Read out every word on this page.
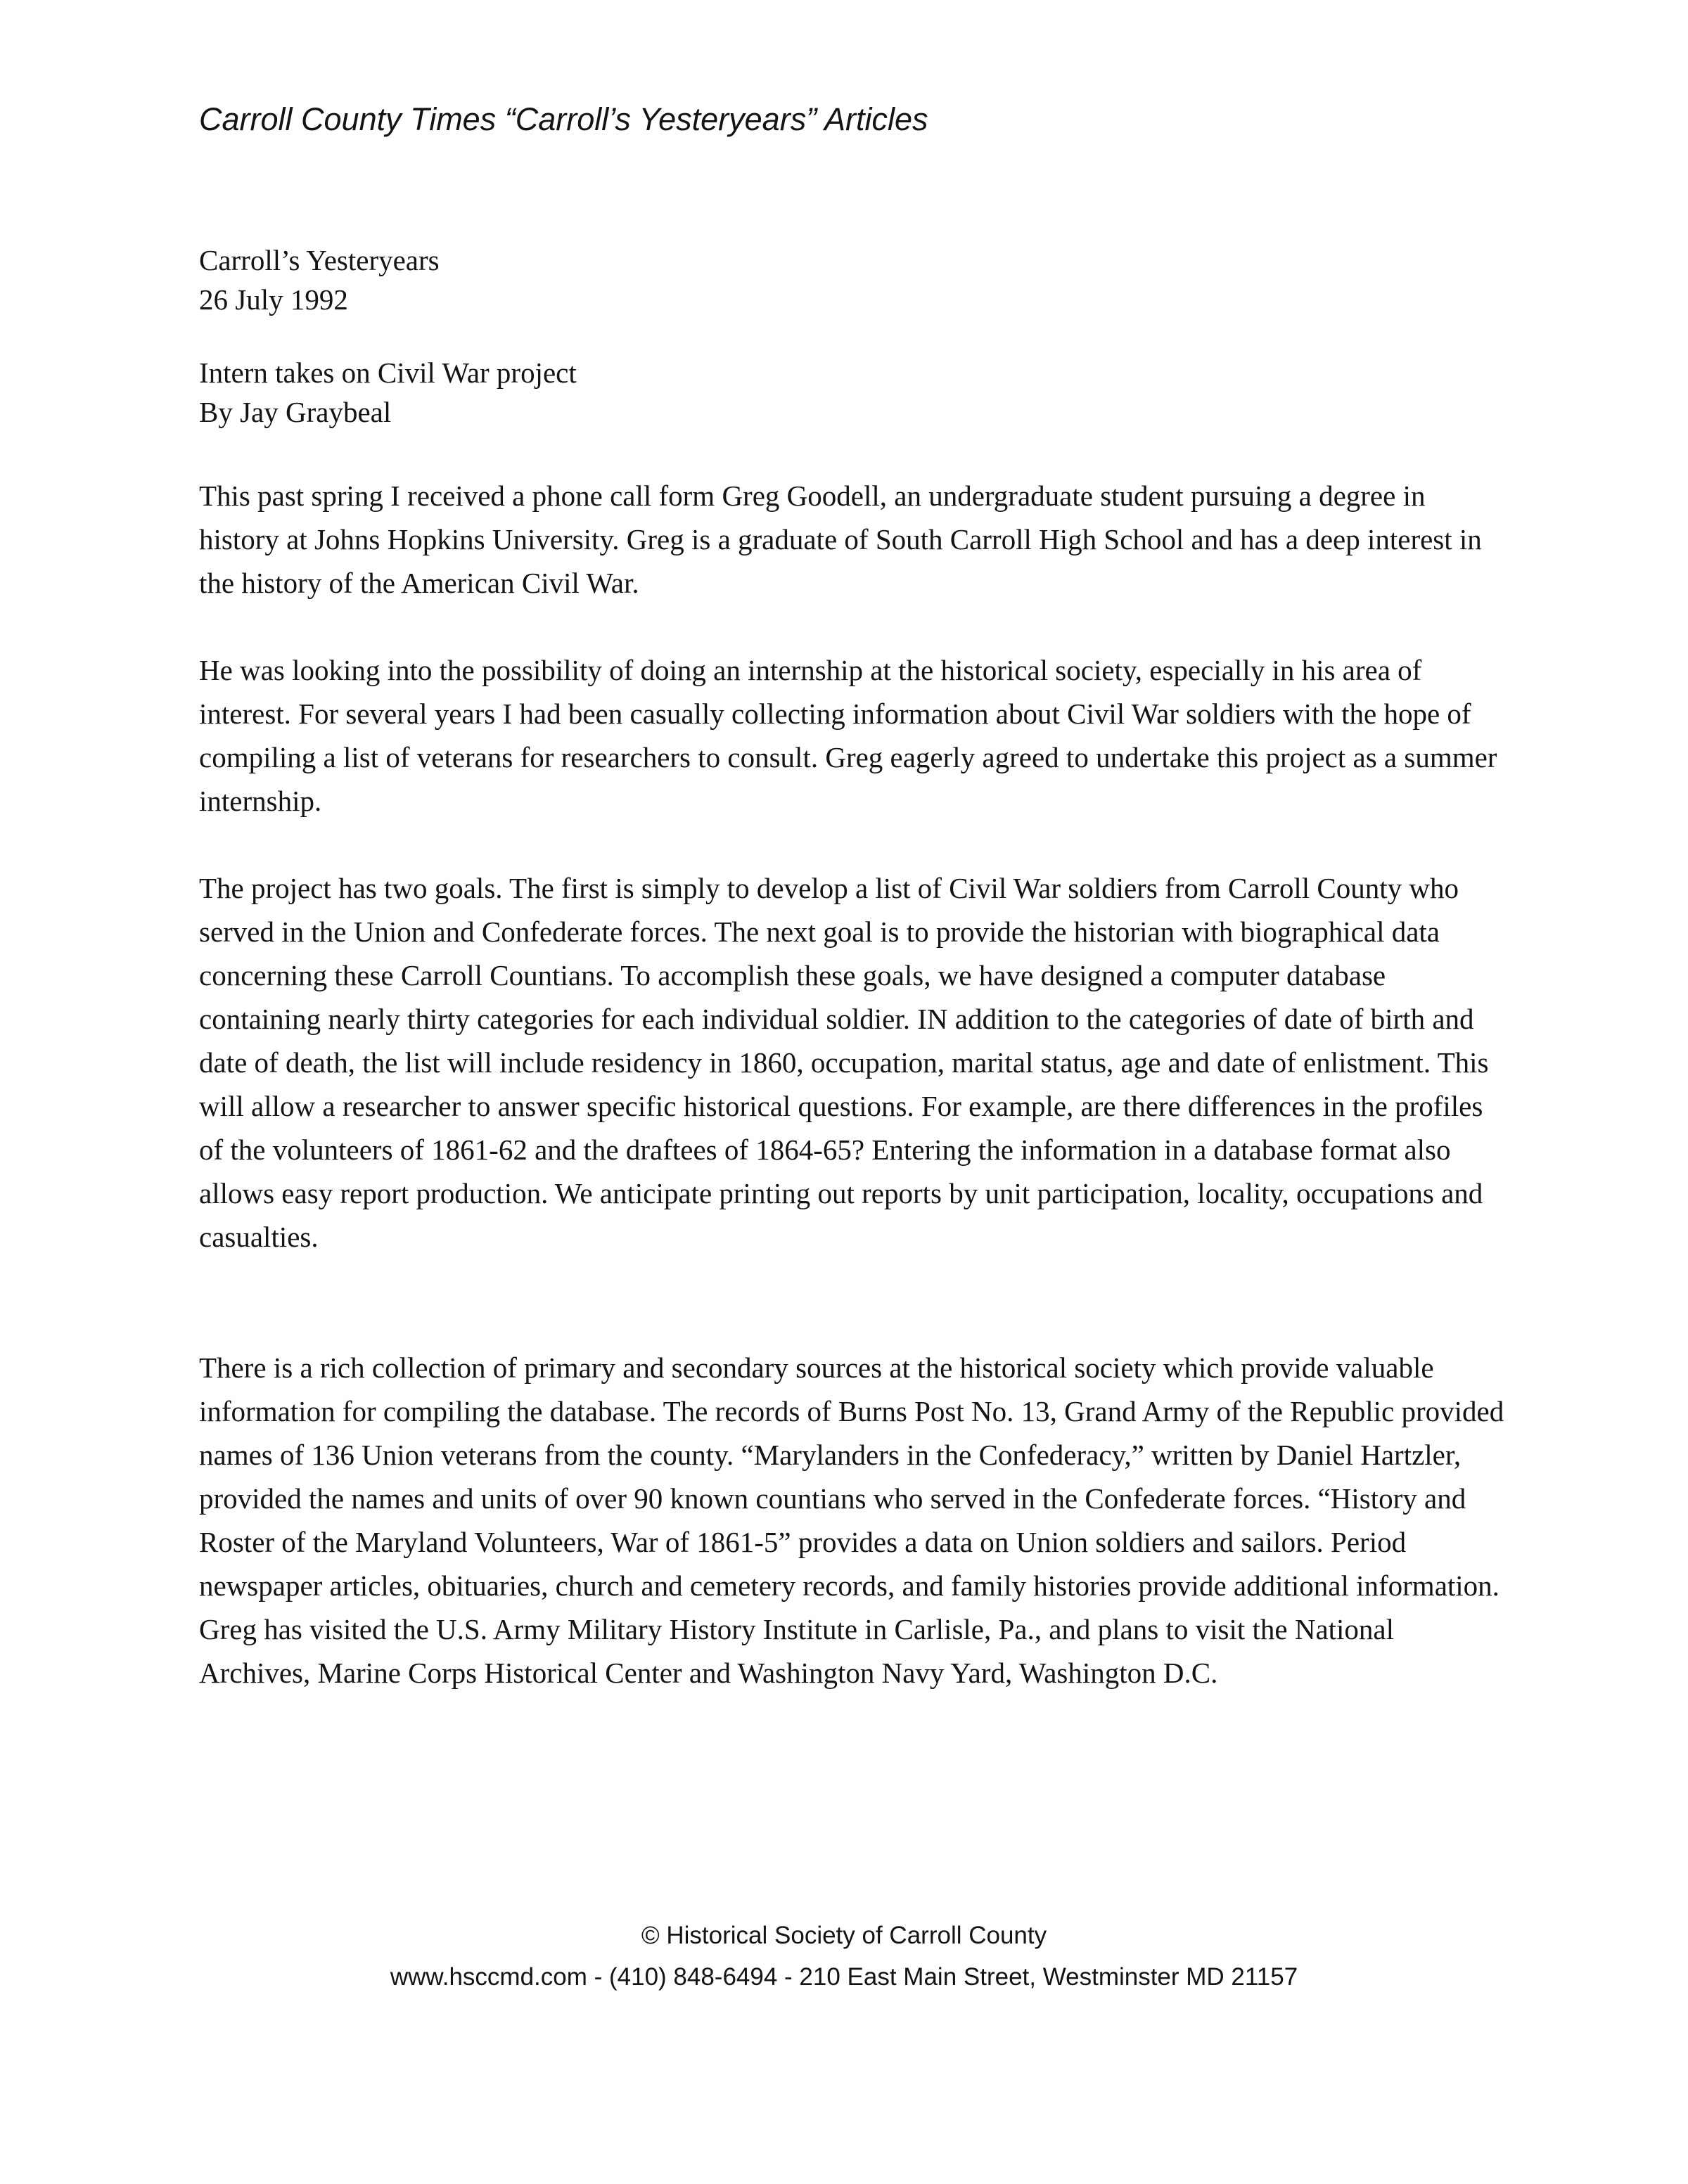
Carroll County Times “Carroll’s Yesteryears” Articles
Carroll’s Yesteryears
26 July 1992
Intern takes on Civil War project
By Jay Graybeal
This past spring I received a phone call form Greg Goodell, an undergraduate student pursuing a degree in history at Johns Hopkins University. Greg is a graduate of South Carroll High School and has a deep interest in the history of the American Civil War.
He was looking into the possibility of doing an internship at the historical society, especially in his area of interest. For several years I had been casually collecting information about Civil War soldiers with the hope of compiling a list of veterans for researchers to consult. Greg eagerly agreed to undertake this project as a summer internship.
The project has two goals. The first is simply to develop a list of Civil War soldiers from Carroll County who served in the Union and Confederate forces. The next goal is to provide the historian with biographical data concerning these Carroll Countians. To accomplish these goals, we have designed a computer database containing nearly thirty categories for each individual soldier. IN addition to the categories of date of birth and date of death, the list will include residency in 1860, occupation, marital status, age and date of enlistment. This will allow a researcher to answer specific historical questions. For example, are there differences in the profiles of the volunteers of 1861-62 and the draftees of 1864-65? Entering the information in a database format also allows easy report production. We anticipate printing out reports by unit participation, locality, occupations and casualties.
There is a rich collection of primary and secondary sources at the historical society which provide valuable information for compiling the database. The records of Burns Post No. 13, Grand Army of the Republic provided names of 136 Union veterans from the county. “Marylanders in the Confederacy,” written by Daniel Hartzler, provided the names and units of over 90 known countians who served in the Confederate forces. “History and Roster of the Maryland Volunteers, War of 1861-5” provides a data on Union soldiers and sailors. Period newspaper articles, obituaries, church and cemetery records, and family histories provide additional information. Greg has visited the U.S. Army Military History Institute in Carlisle, Pa., and plans to visit the National Archives, Marine Corps Historical Center and Washington Navy Yard, Washington D.C.
© Historical Society of Carroll County
www.hsccmd.com - (410) 848-6494 - 210 East Main Street, Westminster MD 21157
